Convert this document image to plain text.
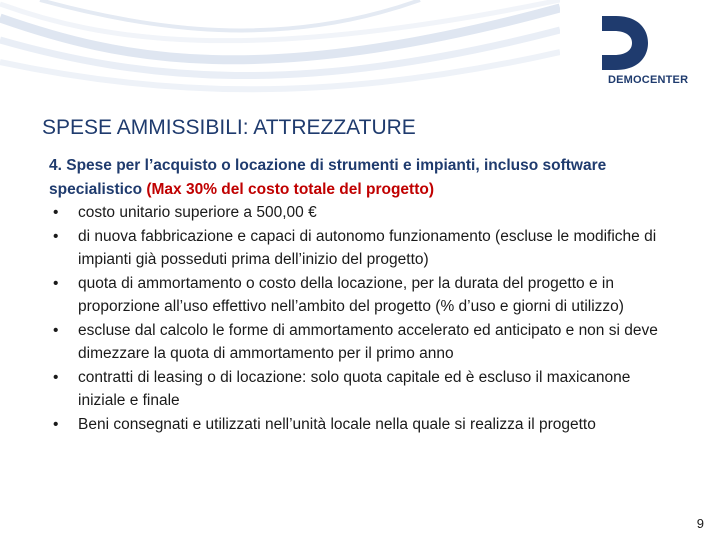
DEMOCENTER
SPESE AMMISSIBILI: ATTREZZATURE
4. Spese per l’acquisto o locazione di strumenti e impianti, incluso software specialistico (Max 30% del costo totale del progetto)
• costo unitario superiore a 500,00 €
• di nuova fabbricazione e capaci di autonomo funzionamento (escluse le modifiche di impianti già posseduti prima dell’inizio del progetto)
• quota di ammortamento o costo della locazione, per la durata del progetto e in proporzione all’uso effettivo nell’ambito del progetto (% d’uso e giorni di utilizzo)
• escluse dal calcolo le forme di ammortamento accelerato ed anticipato e non si deve dimezzare la quota di ammortamento per il primo anno
• contratti di leasing o di locazione: solo quota capitale ed è escluso il maxicanone iniziale e finale
• Beni consegnati e utilizzati nell’unità locale nella quale si realizza il progetto
9
